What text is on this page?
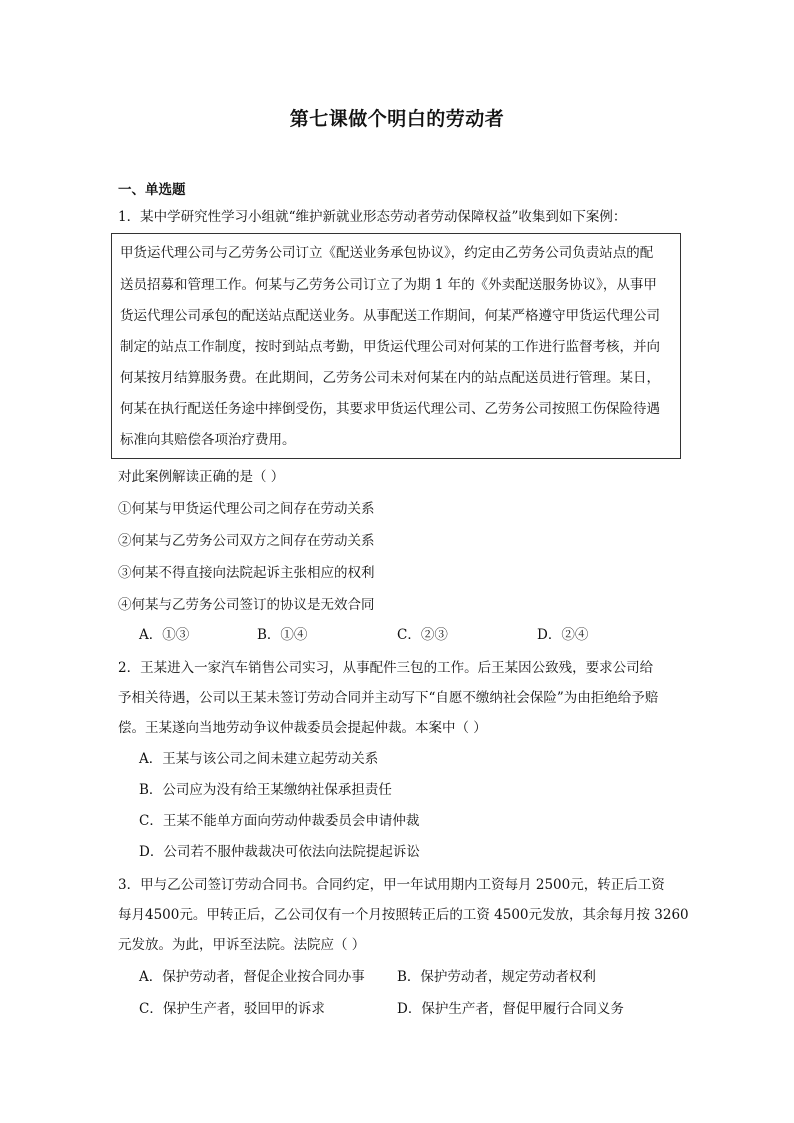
第七课做个明白的劳动者
一、单选题
1．某中学研究性学习小组就“维护新就业形态劳动者劳动保障权益”收集到如下案例：
甲货运代理公司与乙劳务公司订立《配送业务承包协议》，约定由乙劳务公司负责站点的配
送员招募和管理工作。何某与乙劳务公司订立了为期 1 年的《外卖配送服务协议》，从事甲
货运代理公司承包的配送站点配送业务。从事配送工作期间，何某严格遵守甲货运代理公司
制定的站点工作制度，按时到站点考勤，甲货运代理公司对何某的工作进行监督考核，并向
何某按月结算服务费。在此期间，乙劳务公司未对何某在内的站点配送员进行管理。某日，
何某在执行配送任务途中摔倒受伤，其要求甲货运代理公司、乙劳务公司按照工伤保险待遇
标准向其赔偿各项治疗费用。
对此案例解读正确的是（ ）
①何某与甲货运代理公司之间存在劳动关系
②何某与乙劳务公司双方之间存在劳动关系
③何某不得直接向法院起诉主张相应的权利
④何某与乙劳务公司签订的协议是无效合同
A．①③	B．①④	C．②③	D．②④
2．王某进入一家汽车销售公司实习，从事配件三包的工作。后王某因公致残，要求公司给
予相关待遇，公司以王某未签订劳动合同并主动写下“自愿不缴纳社会保险”为由拒绝给予赔
偿。王某遂向当地劳动争议仲裁委员会提起仲裁。本案中（ ）
A．王某与该公司之间未建立起劳动关系
B．公司应为没有给王某缴纳社保承担责任
C．王某不能单方面向劳动仲裁委员会申请仲裁
D．公司若不服仲裁裁决可依法向法院提起诉讼
3．甲与乙公司签订劳动合同书。合同约定，甲一年试用期内工资每月 2500元，转正后工资
每月4500元。甲转正后，乙公司仅有一个月按照转正后的工资 4500元发放，其余每月按 3260
元发放。为此，甲诉至法院。法院应（ ）
A．保护劳动者，督促企业按合同办事 B．保护劳动者，规定劳动者权利
C．保护生产者，驳回甲的诉求	D．保护生产者，督促甲履行合同义务
